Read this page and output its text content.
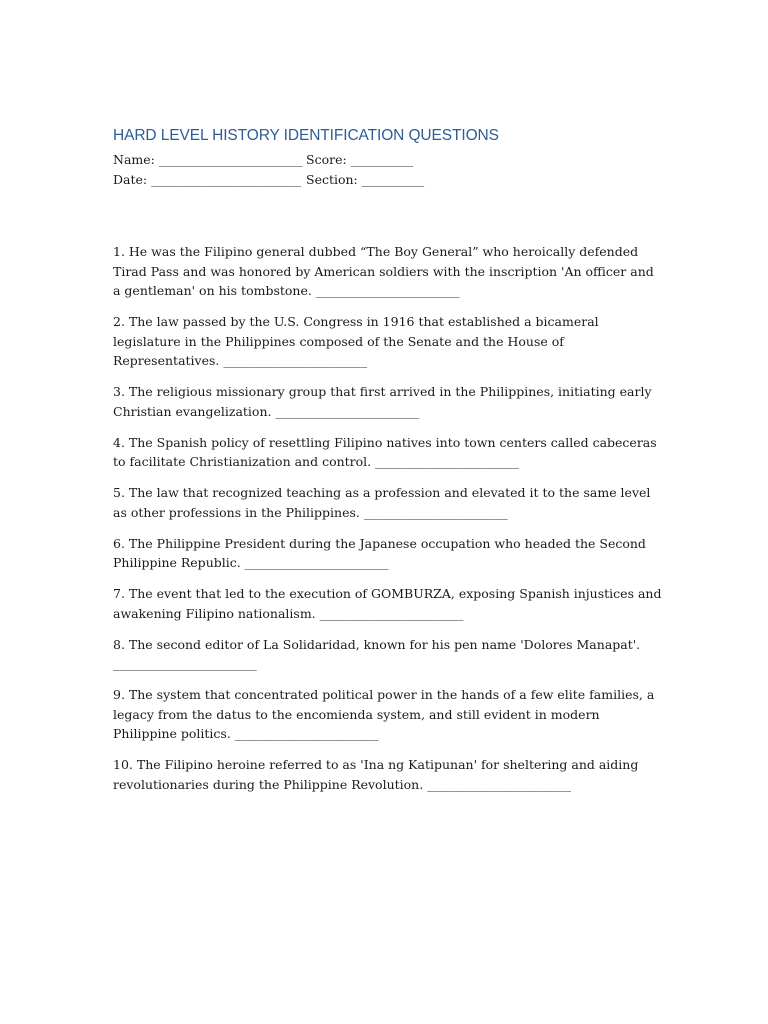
HARD LEVEL HISTORY IDENTIFICATION QUESTIONS
Name: _______________________ Score: __________
Date: ________________________ Section: __________

1. He was the Filipino general dubbed “The Boy General” who heroically defended Tirad Pass and was honored by American soldiers with the inscription 'An officer and a gentleman' on his tombstone. _______________________

2. The law passed by the U.S. Congress in 1916 that established a bicameral legislature in the Philippines composed of the Senate and the House of Representatives. _______________________

3. The religious missionary group that first arrived in the Philippines, initiating early Christian evangelization. _______________________

4. The Spanish policy of resettling Filipino natives into town centers called cabeceras to facilitate Christianization and control. _______________________

5. The law that recognized teaching as a profession and elevated it to the same level as other professions in the Philippines. _______________________

6. The Philippine President during the Japanese occupation who headed the Second Philippine Republic. _______________________

7. The event that led to the execution of GOMBURZA, exposing Spanish injustices and awakening Filipino nationalism. _______________________

8. The second editor of La Solidaridad, known for his pen name 'Dolores Manapat'. _______________________

9. The system that concentrated political power in the hands of a few elite families, a legacy from the datus to the encomienda system, and still evident in modern Philippine politics. _______________________

10. The Filipino heroine referred to as 'Ina ng Katipunan' for sheltering and aiding revolutionaries during the Philippine Revolution. _______________________
